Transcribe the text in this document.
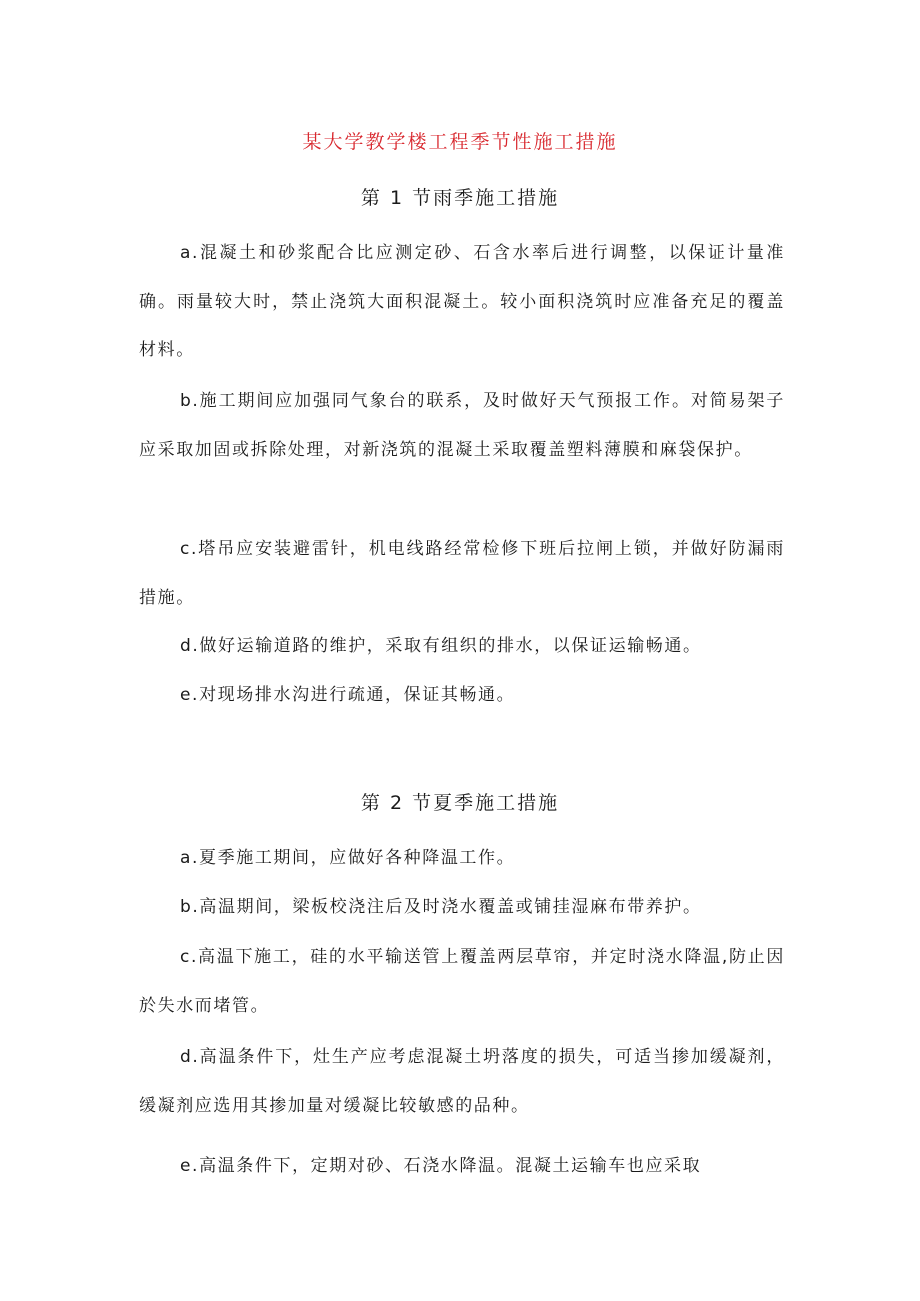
某大学教学楼工程季节性施工措施
第 1 节雨季施工措施

a.混凝土和砂浆配合比应测定砂、石含水率后进行调整，以保证计量准确。雨量较大时，禁止浇筑大面积混凝土。较小面积浇筑时应准备充足的覆盖材料。

b.施工期间应加强同气象台的联系，及时做好天气预报工作。对简易架子应采取加固或拆除处理，对新浇筑的混凝土采取覆盖塑料薄膜和麻袋保护。

c.塔吊应安装避雷针，机电线路经常检修下班后拉闸上锁，并做好防漏雨措施。

d.做好运输道路的维护，采取有组织的排水，以保证运输畅通。

e.对现场排水沟进行疏通，保证其畅通。

第 2 节夏季施工措施

a.夏季施工期间，应做好各种降温工作。

b.高温期间，梁板校浇注后及时浇水覆盖或铺挂湿麻布带养护。

c.高温下施工，硅的水平输送管上覆盖两层草帘，并定时浇水降温,防止因於失水而堵管。

d.高温条件下，灶生产应考虑混凝土坍落度的损失，可适当掺加缓凝剂，缓凝剂应选用其掺加量对缓凝比较敏感的品种。

e.高温条件下，定期对砂、石浇水降温。混凝土运输车也应采取
